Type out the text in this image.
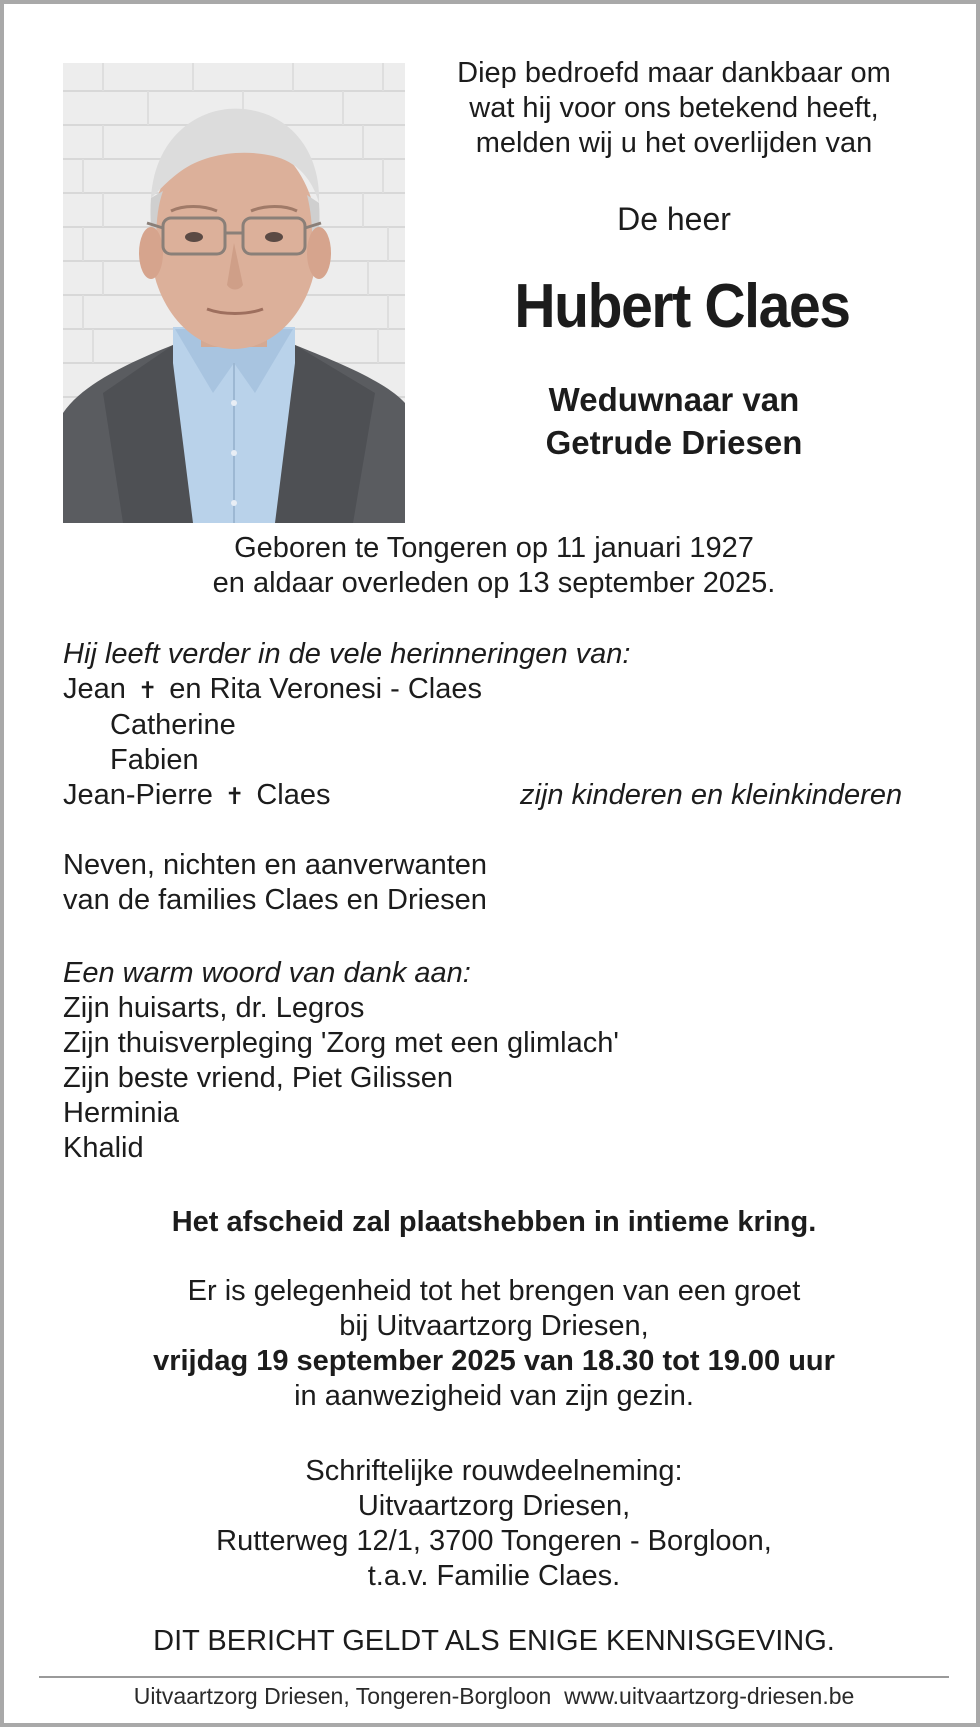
Diep bedroefd maar dankbaar om
wat hij voor ons betekend heeft,
melden wij u het overlijden van
De heer
Hubert Claes
Weduwnaar van
Getrude Driesen
Geboren te Tongeren op 11 januari 1927
en aldaar overleden op 13 september 2025.
Hij leeft verder in de vele herinneringen van:
Jean ✝ en Rita Veronesi - Claes
Catherine
Fabien
Jean-Pierre ✝ Claes	zijn kinderen en kleinkinderen
Neven, nichten en aanverwanten
van de families Claes en Driesen
Een warm woord van dank aan:
Zijn huisarts, dr. Legros
Zijn thuisverpleging 'Zorg met een glimlach'
Zijn beste vriend, Piet Gilissen
Herminia
Khalid
Het afscheid zal plaatshebben in intieme kring.
Er is gelegenheid tot het brengen van een groet
bij Uitvaartzorg Driesen,
vrijdag 19 september 2025 van 18.30 tot 19.00 uur
in aanwezigheid van zijn gezin.
Schriftelijke rouwdeelneming:
Uitvaartzorg Driesen,
Rutterweg 12/1, 3700 Tongeren - Borgloon,
t.a.v. Familie Claes.
DIT BERICHT GELDT ALS ENIGE KENNISGEVING.
Uitvaartzorg Driesen, Tongeren-Borgloon  www.uitvaartzorg-driesen.be
